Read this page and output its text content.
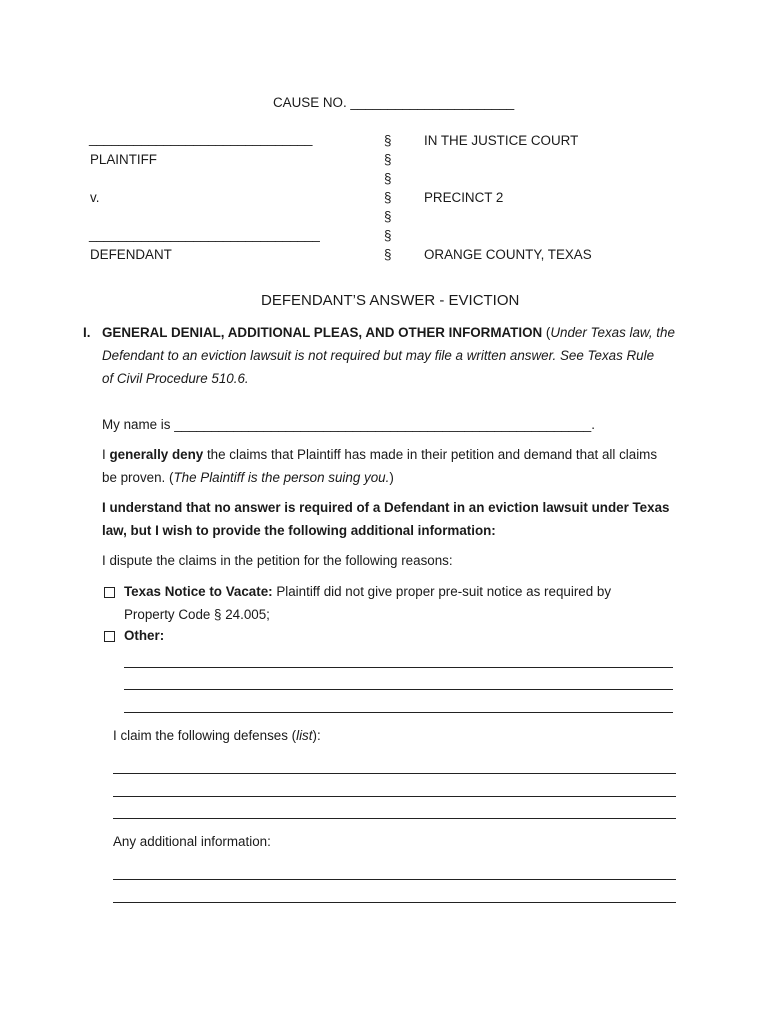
CAUSE NO. ______________________
______________________________
PLAINTIFF
v.
_______________________________
DEFENDANT
§
§
§
§
§
§
§
IN THE JUSTICE COURT
PRECINCT 2
ORANGE COUNTY, TEXAS
DEFENDANT’S ANSWER - EVICTION
I. GENERAL DENIAL, ADDITIONAL PLEAS, AND OTHER INFORMATION (Under Texas law, the
Defendant to an eviction lawsuit is not required but may file a written answer. See Texas Rule
of Civil Procedure 510.6.
My name is ________________________________________________________.
I generally deny the claims that Plaintiff has made in their petition and demand that all claims
be proven. (The Plaintiff is the person suing you.)
I understand that no answer is required of a Defendant in an eviction lawsuit under Texas
law, but I wish to provide the following additional information:
I dispute the claims in the petition for the following reasons:
Texas Notice to Vacate: Plaintiff did not give proper pre-suit notice as required by
Property Code § 24.005;
Other:
I claim the following defenses (list):
Any additional information:
